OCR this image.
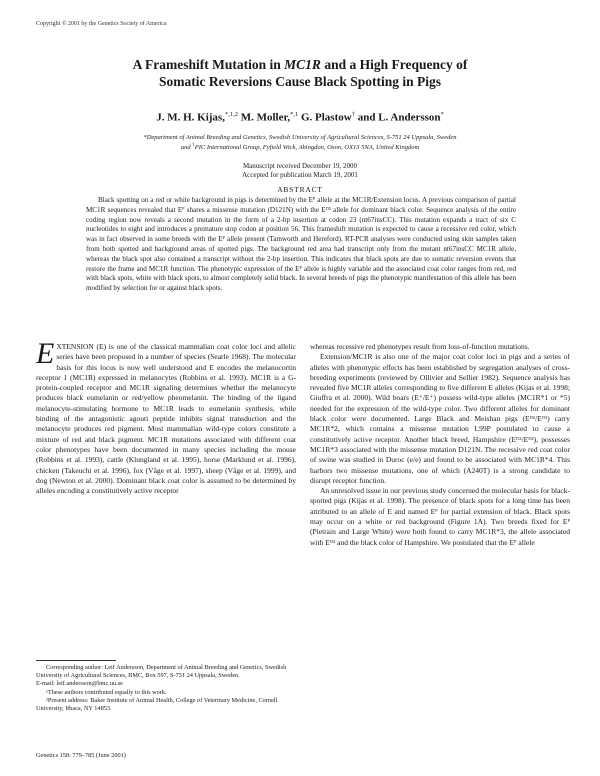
Copyright © 2001 by the Genetics Society of America
A Frameshift Mutation in MC1R and a High Frequency of
Somatic Reversions Cause Black Spotting in Pigs
J. M. H. Kijas,$^{*,1,2}$ M. Moller,$^{*,1}$ G. Plastow† and L. Andersson*
*Department of Animal Breeding and Genetics, Swedish University of Agricultural Sciences, S-751 24 Uppsala, Sweden
and †PIC International Group, Fyfield Wick, Abingdon, Oxon, OX13 5NA, United Kingdom
Manuscript received December 19, 2000
Accepted for publication March 19, 2001
ABSTRACT
Black spotting on a red or white background in pigs is determined by the Eᴾ allele at the MC1R/Extension locus. A previous comparison of partial MC1R sequences revealed that Eᴾ shares a missense mutation (D121N) with the Eᴰ² allele for dominant black color. Sequence analysis of the entire coding region now reveals a second mutation in the form of a 2-bp insertion at codon 23 (nt67insCC). This mutation expands a tract of six C nucleotides to eight and introduces a premature stop codon at position 56. This frameshift mutation is expected to cause a recessive red color, which was in fact observed in some breeds with the Eᴾ allele present (Tamworth and Hereford). RT-PCR analyses were conducted using skin samples taken from both spotted and background areas of spotted pigs. The background red area had transcript only from the mutant nt67insCC MC1R allele, whereas the black spot also contained a transcript without the 2-bp insertion. This indicates that black spots are due to somatic reversion events that restore the frame and MC1R function. The phenotypic expression of the Eᴾ allele is highly variable and the associated coat color ranges from red, red with black spots, white with black spots, to almost completely solid black. In several breeds of pigs the phenotypic manifestation of this allele has been modified by selection for or against black spots.

EXTENSION (E) is one of the classical mammalian coat color loci and allelic series have been proposed in a number of species (Searle 1968). The molecular basis for this locus is now well understood and E encodes the melanocortin receptor 1 (MC1R) expressed in melanocytes (Robbins et al. 1993). MC1R is a G-protein-coupled receptor and MC1R signaling determines whether the melanocyte produces black eumelanin or red/yellow pheomelanin. The binding of the ligand melanocyte-stimulating hormone to MC1R leads to eumelanin synthesis, while binding of the antagonistic agouti peptide inhibits signal transduction and the melanocyte produces red pigment. Most mammalian wild-type colors constitute a mixture of red and black pigment. MC1R mutations associated with different coat color phenotypes have been documented in many species including the mouse (Robbins et al. 1993), cattle (Klungland et al. 1995), horse (Marklund et al. 1996), chicken (Takeuchi et al. 1996), fox (Våge et al. 1997), sheep (Våge et al. 1999), and dog (Newton et al. 2000). Dominant black coat color is assumed to be determined by alleles encoding a constitutively active receptor

Corresponding author: Leif Andersson, Department of Animal Breeding and Genetics, Swedish University of Agricultural Sciences, BMC, Box 597, S-751 24 Uppsala, Sweden.

E-mail: leif.andersson@bmc.uu.se

¹These authors contributed equally to this work.

²Present address: Baker Institute of Animal Health, College of Veterinary Medicine, Cornell University, Ithaca, NY 14853.

Genetics 158: 779–785 (June 2001)

whereas recessive red phenotypes result from loss-of-function mutations.

Extension/MC1R is also one of the major coat color loci in pigs and a series of alleles with phenotypic effects has been established by segregation analyses of cross-breeding experiments (reviewed by Ollivier and Sellier 1982). Sequence analysis has revealed five MC1R alleles corresponding to five different E alleles (Kijas et al. 1998; Giuffra et al. 2000). Wild boars (E⁺/E⁺) possess wild-type alleles (MC1R*1 or *5) needed for the expression of the wild-type color. Two different alleles for dominant black color were documented. Large Black and Meishan pigs (Eᴰ¹/Eᴰ¹) carry MC1R*2, which contains a missense mutation L99P postulated to cause a constitutively active receptor. Another black breed, Hampshire (Eᴰ²/Eᴰ²), possesses MC1R*3 associated with the missense mutation D121N. The recessive red coat color of swine was studied in Duroc (e/e) and found to be associated with MC1R*4. This harbors two missense mutations, one of which (A240T) is a strong candidate to disrupt receptor function.

An unresolved issue in our previous study concerned the molecular basis for black-spotted pigs (Kijas et al. 1998). The presence of black spots for a long time has been attributed to an allele of E and named Eᴾ for partial extension of black. Black spots may occur on a white or red background (Figure 1A). Two breeds fixed for Eᴾ (Pietrain and Large White) were both found to carry MC1R*3, the allele associated with Eᴰ² and the black color of Hampshire. We postulated that the Eᴾ allele
